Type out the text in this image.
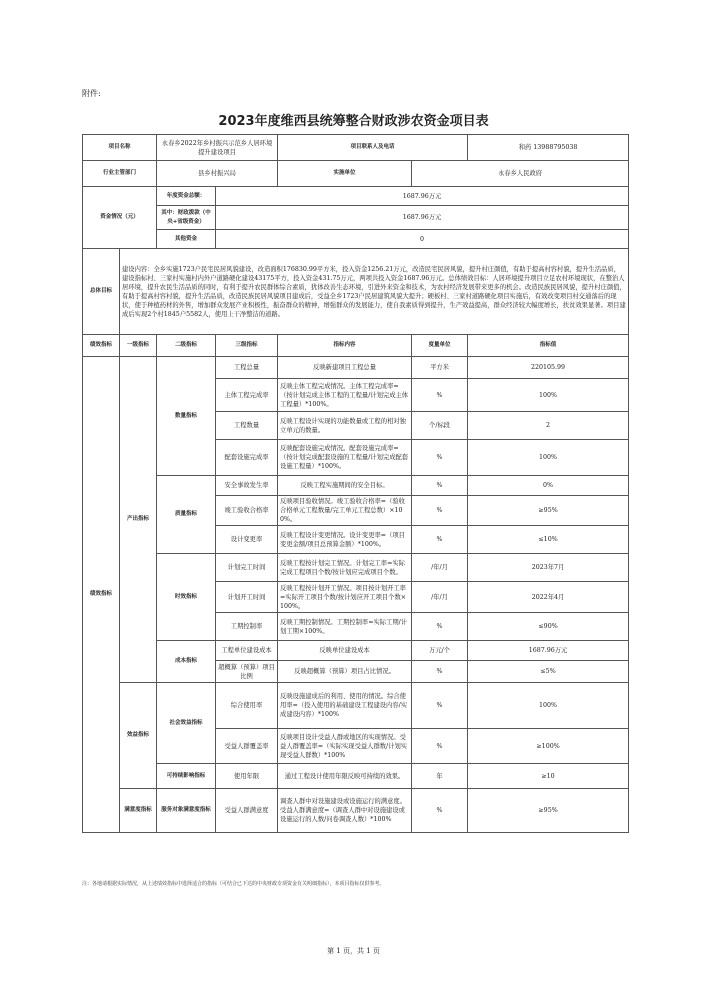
附件:
2023年度维西县统筹整合财政涉农资金项目表
项目名称		永春乡2022年乡村振兴示范乡人居环境提升建设项目		项目联系人及电话		和药 13988795038
行业主管部门		县乡村振兴局		实施单位	永春乡人民政府	
资金情况（元）		年度资金总额：	1687.96万元			
		其中：财政拨款（中央+省级资金）	1687.96万元			
		其他资金	0			
总体目标	建设内容：全乡实施1723户民宅民居风貌建设，改造面积176830.99平方米，投入资金1256.21万元，改造民宅民居风貌，提升村庄颜值，有助于提高村容村貌，提升生活品质，建设指标村、三家村实施村内外户道路硬化建设43175平方，投入资金431.75万元，两项共投入资金1687.96万元。总体绩效目标：人居环境提升项目立足农村环境现状，在整治人居环境，提升农民生活品质的同时，有利于提升农民群体综合素质，犹体改善生态环境，引进外来资金和技术，为农村经济发展带来更多的机会。改造民族民居风貌，提升村庄颜值，有助于提高村容村貌，提升生活品质，改造民族民居风貌项目建成后，受益全乡1723户民居建筑风貌大提升；硬板村、三家村道路硬化项目实施后，有效改变项目村交通落后的现状，使于种植药材的外售，增加群众发展产业积极性，振奋群众的精神，增强群众的发展能力，使自我素质得到提升，生产效益提高，群众经济较大幅度增长，扶贫效果显著。项目建成后实现2个村1845户5582人，使用上干净整洁的道路。					
绩效指标	一级指标	二级指标	三级指标	指标内容	度量单位	指标值
绩效指标	产出指标	数量指标	工程总量	反映新建项目工程总量	平方米	220105.99
			主体工程完成率	反映主体工程完成情况。主体工程完成率=（按计划完成主体工程的工程量/计划完成主体工程量）*100%。	%	100%
			工程数量	反映工程设计实现的功能数量或工程的相对独立单元的数量。	个/标段	2
			配套设施完成率	反映配套设施完成情况。配套设施完成率=（按计划完成配套设施的工程量/计划完成配套设施工程量）*100%。	%	100%
		质量指标	安全事故发生率	反映工程实施期间的安全目标。	%	0%
			竣工验收合格率	反映项目验收情况。竣工验收合格率=（验收合格单元工程数量/完工单元工程总数）×100%。	%	≥95%
			设计变更率	反映工程设计变更情况。设计变更率=（项目变更金额/项目总预算金额）*100%。	%	≤10%
		时效指标	计划完工时间	反映工程按计划完工情况。计划完工率=实际完成工程项目个数/按计划应完成项目个数。	/年/月	2023年7月
			计划开工时间	反映工程按计划开工情况。项目按计划开工率=实际开工项目个数/按计划应开工项目个数×100%。	/年/月	2022年4月
			工期控制率	反映工期控制情况。工期控制率=实际工期/计划工期×100%。	%	≤90%
		成本指标	工程单位建设成本	反映单位建设成本	万元/个	1687.96万元
			超概算（预算）项目比例	反映超概算（预算）项目占比情况。	%	≤5%
	效益指标	社会效益指标	综合使用率	反映设施建成后的利用、使用的情况。综合使用率=（投入使用的基础建设工程建设内容/实成建设内容）*100%	%	100%
			受益人群覆盖率	反映项目设计受益人群或地区的实现情况。受益人群覆盖率=（实际实现受益人群数/计划实现受益人群数）*100%	%	≥100%
		可持续影响指标	使用年限	通过工程设计使用年限反映可持续的效果。	年	≥10
	满意度指标	服务对象满意度指标	受益人群满意度	调查人群中对设施建设或设施运行的满意度。受益人群满意度=（调查人群中对设施建设或设施运行的人数/问卷调查人数）*100%	%	≥95%
注：各地请根据实际情况，从上述绩效指标中选择适合的指标（可结合已下达的中央财政专项资金有关明细指标），本项目指标仅供参考。
第 1 页，共 1 页
